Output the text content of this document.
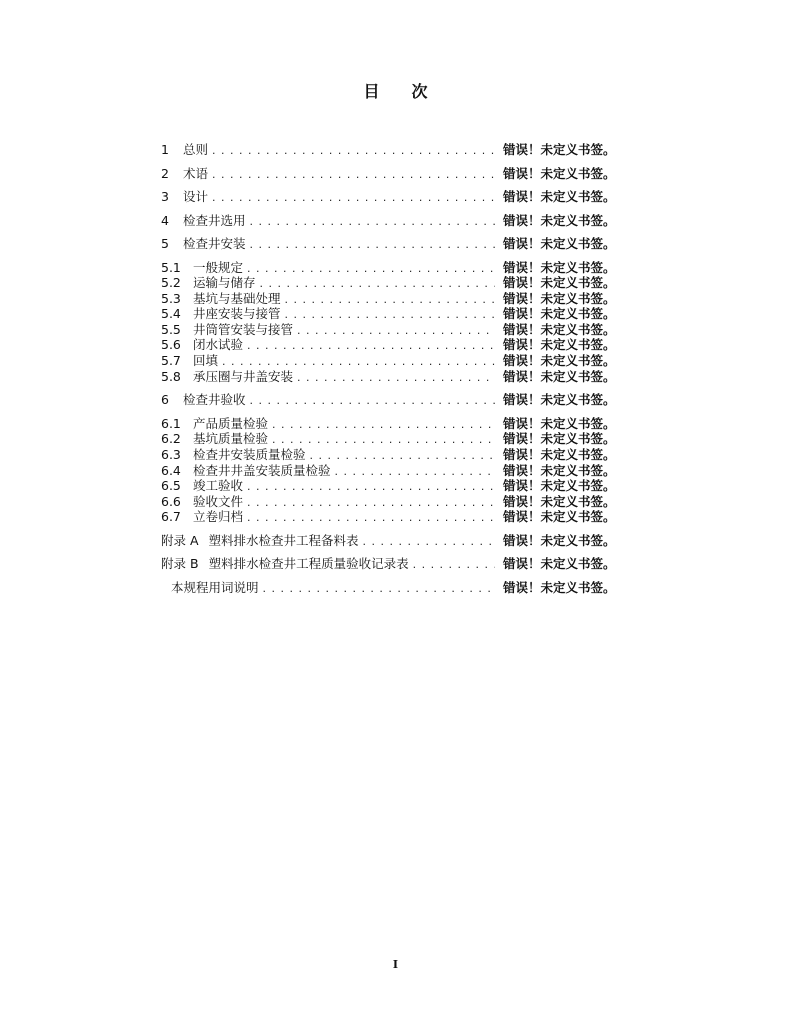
目 次
1	总则 . . .	错误！未定义书签。
2	术语 . . .	错误！未定义书签。
3	设计 . . .	错误！未定义书签。
4	检查井选用 . . .	错误！未定义书签。
5	检查井安装 . . .	错误！未定义书签。
5.1 一般规定 . . .	错误！未定义书签。
5.2 运输与储存 . . .	错误！未定义书签。
5.3 基坑与基础处理 . . .	错误！未定义书签。
5.4 井座安装与接管 . . .	错误！未定义书签。
5.5 井筒管安装与接管 . . .	错误！未定义书签。
5.6 闭水试验 . . .	错误！未定义书签。
5.7 回填 . . .	错误！未定义书签。
5.8 承压圈与井盖安装 . . .	错误！未定义书签。
6	检查井验收 . . .	错误！未定义书签。
6.1 产品质量检验 . . .	错误！未定义书签。
6.2 基坑质量检验 . . .	错误！未定义书签。
6.3 检查井安装质量检验 . . .	错误！未定义书签。
6.4 检查井井盖安装质量检验 . . .	错误！未定义书签。
6.5 竣工验收 . . .	错误！未定义书签。
6.6 验收文件 . . .	错误！未定义书签。
6.7 立卷归档 . . .	错误！未定义书签。
附录 A 塑料排水检查井工程备料表 . . .	错误！未定义书签。
附录 B 塑料排水检查井工程质量验收记录表 . . .	错误！未定义书签。
本规程用词说明 . . .	错误！未定义书签。
I
